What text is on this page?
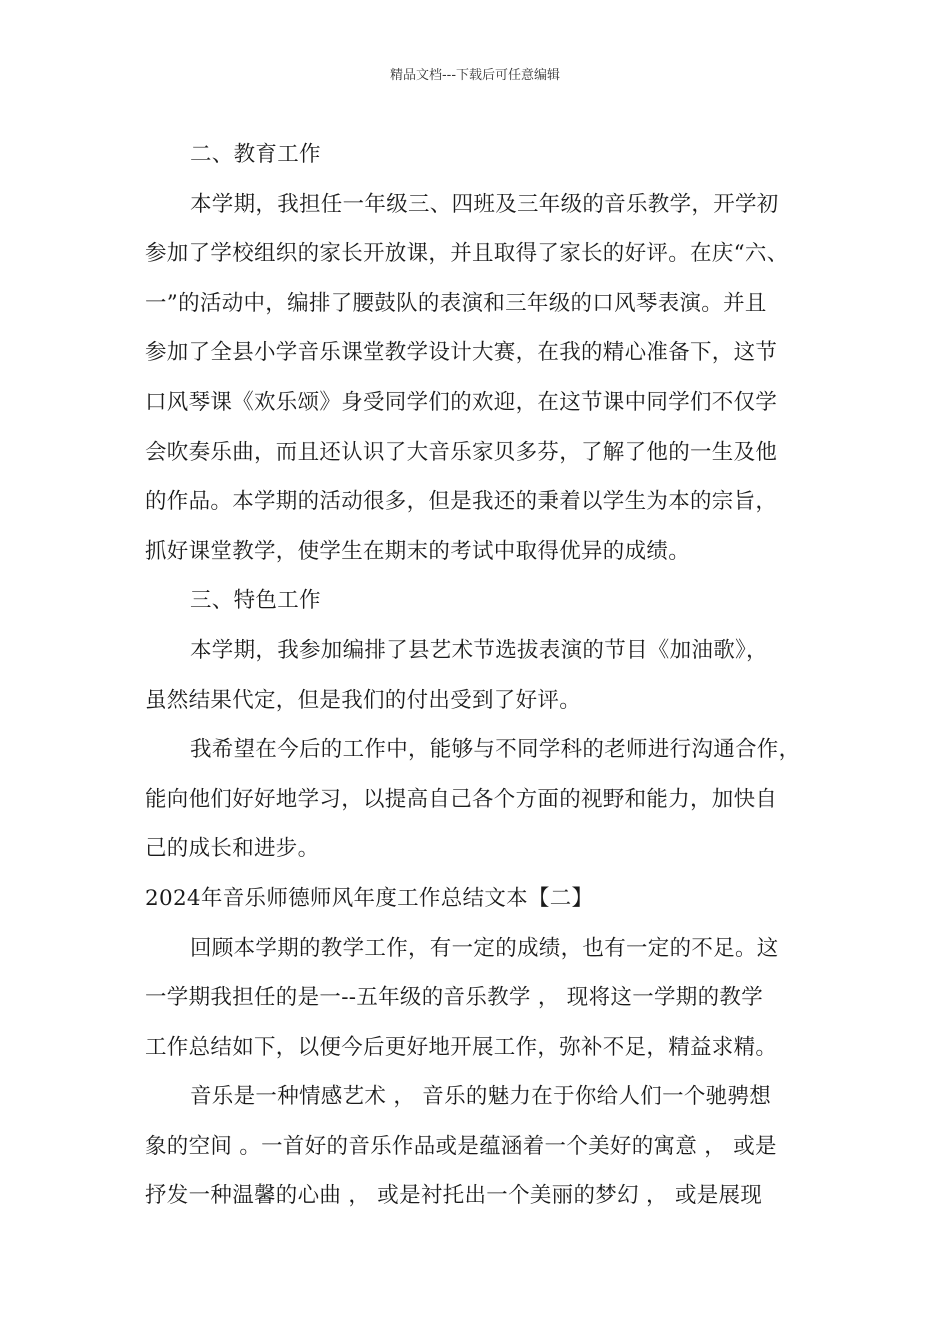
精品文档---下载后可任意编辑
二、教育工作
本学期，我担任一年级三、四班及三年级的音乐教学，开学初
参加了学校组织的家长开放课，并且取得了家长的好评。在庆“六、
一”的活动中，编排了腰鼓队的表演和三年级的口风琴表演。并且
参加了全县小学音乐课堂教学设计大赛，在我的精心准备下，这节
口风琴课《欢乐颂》身受同学们的欢迎，在这节课中同学们不仅学
会吹奏乐曲，而且还认识了大音乐家贝多芬，了解了他的一生及他
的作品。本学期的活动很多，但是我还的秉着以学生为本的宗旨，
抓好课堂教学，使学生在期末的考试中取得优异的成绩。
三、特色工作
本学期，我参加编排了县艺术节选拔表演的节目《加油歌》，
虽然结果代定，但是我们的付出受到了好评。
我希望在今后的工作中，能够与不同学科的老师进行沟通合作，
能向他们好好地学习，以提高自己各个方面的视野和能力，加快自
己的成长和进步。
2024年音乐师德师风年度工作总结文本【二】
回顾本学期的教学工作，有一定的成绩，也有一定的不足。这
一学期我担任的是一--五年级的音乐教学 ， 现将这一学期的教学
工作总结如下，以便今后更好地开展工作，弥补不足，精益求精。
音乐是一种情感艺术 ， 音乐的魅力在于你给人们一个驰骋想
象的空间 。一首好的音乐作品或是蕴涵着一个美好的寓意 ， 或是
抒发一种温馨的心曲 ， 或是衬托出一个美丽的梦幻 ， 或是展现
